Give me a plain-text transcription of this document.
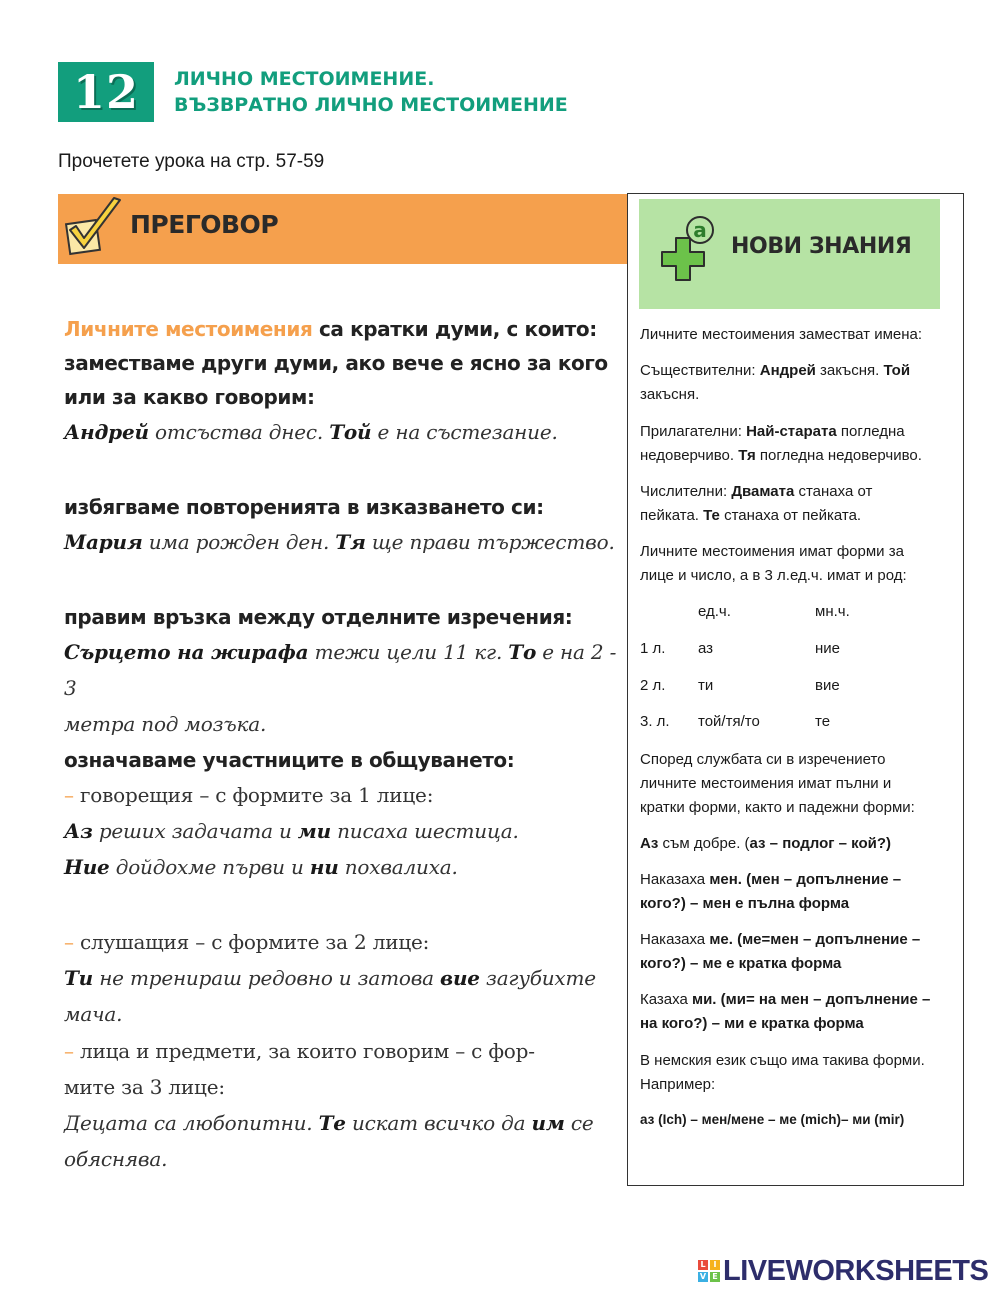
12 ЛИЧНО МЕСТОИМЕНИЕ.
ВЪЗВРАТНО ЛИЧНО МЕСТОИМЕНИЕ
Прочетете урока на стр. 57-59
ПРЕГОВОР
Личните местоимения са кратки думи, с които:
заместваме други думи, ако вече е ясно за кого
или за какво говорим:
Андрей отсъства днес. Той е на състезание.
избягваме повторенията в изказването си:
Мария има рожден ден. Тя ще прави тържество.
правим връзка между отделните изречения:
Сърцето на жирафа тежи цели 11 кг. То е на 2 - 3
метра под мозъка.
означаваме участниците в общуването:
– говорещия – с формите за 1 лице:
Аз реших задачата и ми писаха шестица.
Ние дойдохме първи и ни похвалиха.
– слушащия – с формите за 2 лице:
Ти не тренираш редовно и затова вие загубихте мача.
– лица и предмети, за които говорим – с фор-
мите за 3 лице:
Децата са любопитни. Те искат всичко да им се
обяснява.
a
НОВИ ЗНАНИЯ
Личните местоимения заместват имена:
Съществителни: Андрей закъсня. Той
закъсня.
Прилагателни: Най-старата погледна
недоверчиво. Тя погледна недоверчиво.
Числителни: Двамата станаха от
пейката. Те станаха от пейката.
Личните местоимения имат форми за
лице и число, а в 3 л.ед.ч. имат и род:
ед.ч.	мн.ч.
1 л. аз	ние
2 л. ти	вие
3. л. той/тя/то	те
Според службата си в изречението
личните местоимения имат пълни и
кратки форми, както и падежни форми:
Аз съм добре. (аз – подлог – кой?)
Наказаха мен. (мен – допълнение –
кого?) – мен е пълна форма
Наказаха ме. (ме=мен – допълнение –
кого?) – ме е кратка форма
Казаха ми. (ми= на мен – допълнение –
на кого?) – ми е кратка форма
В немския език също има такива форми.
Например:
аз (Ich) – мен/мене – ме (mich)– ми (mir)
L I
V E LIVEWORKSHEETS
